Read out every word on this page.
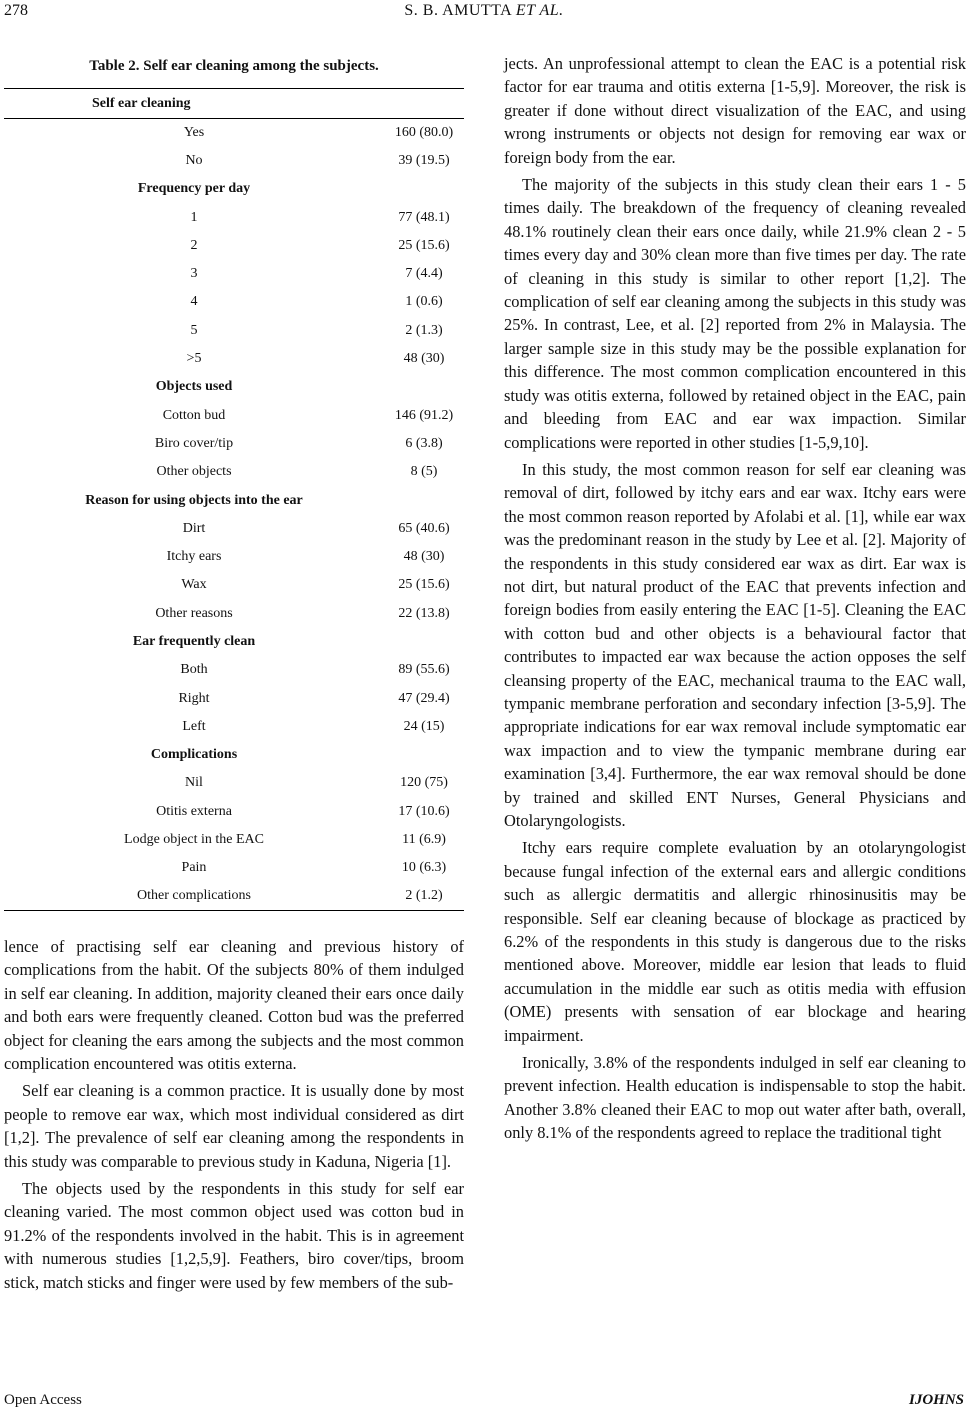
278	S. B. AMUTTA ET AL.
Table 2. Self ear cleaning among the subjects.
Self ear cleaning	
Yes	160 (80.0)
No	39 (19.5)
Frequency per day	
1	77 (48.1)
2	25 (15.6)
3	7 (4.4)
4	1 (0.6)
5	2 (1.3)
>5	48 (30)
Objects used	
Cotton bud	146 (91.2)
Biro cover/tip	6 (3.8)
Other objects	8 (5)
Reason for using objects into the ear	
Dirt	65 (40.6)
Itchy ears	48 (30)
Wax	25 (15.6)
Other reasons	22 (13.8)
Ear frequently clean	
Both	89 (55.6)
Right	47 (29.4)
Left	24 (15)
Complications	
Nil	120 (75)
Otitis externa	17 (10.6)
Lodge object in the EAC	11 (6.9)
Pain	10 (6.3)
Other complications	2 (1.2)

lence of practising self ear cleaning and previous history of complications from the habit. Of the subjects 80% of them indulged in self ear cleaning. In addition, majority cleaned their ears once daily and both ears were frequently cleaned. Cotton bud was the preferred object for cleaning the ears among the subjects and the most common complication encountered was otitis externa.

Self ear cleaning is a common practice. It is usually done by most people to remove ear wax, which most individual considered as dirt [1,2]. The prevalence of self ear cleaning among the respondents in this study was comparable to previous study in Kaduna, Nigeria [1].

The objects used by the respondents in this study for self ear cleaning varied. The most common object used was cotton bud in 91.2% of the respondents involved in the habit. This is in agreement with numerous studies [1,2,5,9]. Feathers, biro cover/tips, broom stick, match sticks and finger were used by few members of the sub-

jects. An unprofessional attempt to clean the EAC is a potential risk factor for ear trauma and otitis externa [1-5,9]. Moreover, the risk is greater if done without direct visualization of the EAC, and using wrong instruments or objects not design for removing ear wax or foreign body from the ear.

The majority of the subjects in this study clean their ears 1 - 5 times daily. The breakdown of the frequency of cleaning revealed 48.1% routinely clean their ears once daily, while 21.9% clean 2 - 5 times every day and 30% clean more than five times per day. The rate of cleaning in this study is similar to other report [1,2]. The complication of self ear cleaning among the subjects in this study was 25%. In contrast, Lee, et al. [2] reported from 2% in Malaysia. The larger sample size in this study may be the possible explanation for this difference. The most common complication encountered in this study was otitis externa, followed by retained object in the EAC, pain and bleeding from EAC and ear wax impaction. Similar complications were reported in other studies [1-5,9,10].

In this study, the most common reason for self ear cleaning was removal of dirt, followed by itchy ears and ear wax. Itchy ears were the most common reason reported by Afolabi et al. [1], while ear wax was the predominant reason in the study by Lee et al. [2]. Majority of the respondents in this study considered ear wax as dirt. Ear wax is not dirt, but natural product of the EAC that prevents infection and foreign bodies from easily entering the EAC [1-5]. Cleaning the EAC with cotton bud and other objects is a behavioural factor that contributes to impacted ear wax because the action opposes the self cleansing property of the EAC, mechanical trauma to the EAC wall, tympanic membrane perforation and secondary infection [3-5,9]. The appropriate indications for ear wax removal include symptomatic ear wax impaction and to view the tympanic membrane during ear examination [3,4]. Furthermore, the ear wax removal should be done by trained and skilled ENT Nurses, General Physicians and Otolaryngologists.

Itchy ears require complete evaluation by an otolaryngologist because fungal infection of the external ears and allergic conditions such as allergic dermatitis and allergic rhinosinusitis may be responsible. Self ear cleaning because of blockage as practiced by 6.2% of the respondents in this study is dangerous due to the risks mentioned above. Moreover, middle ear lesion that leads to fluid accumulation in the middle ear such as otitis media with effusion (OME) presents with sensation of ear blockage and hearing impairment.

Ironically, 3.8% of the respondents indulged in self ear cleaning to prevent infection. Health education is indispensable to stop the habit. Another 3.8% cleaned their EAC to mop out water after bath, overall, only 8.1% of the respondents agreed to replace the traditional tight

Open Access	IJOHNS
